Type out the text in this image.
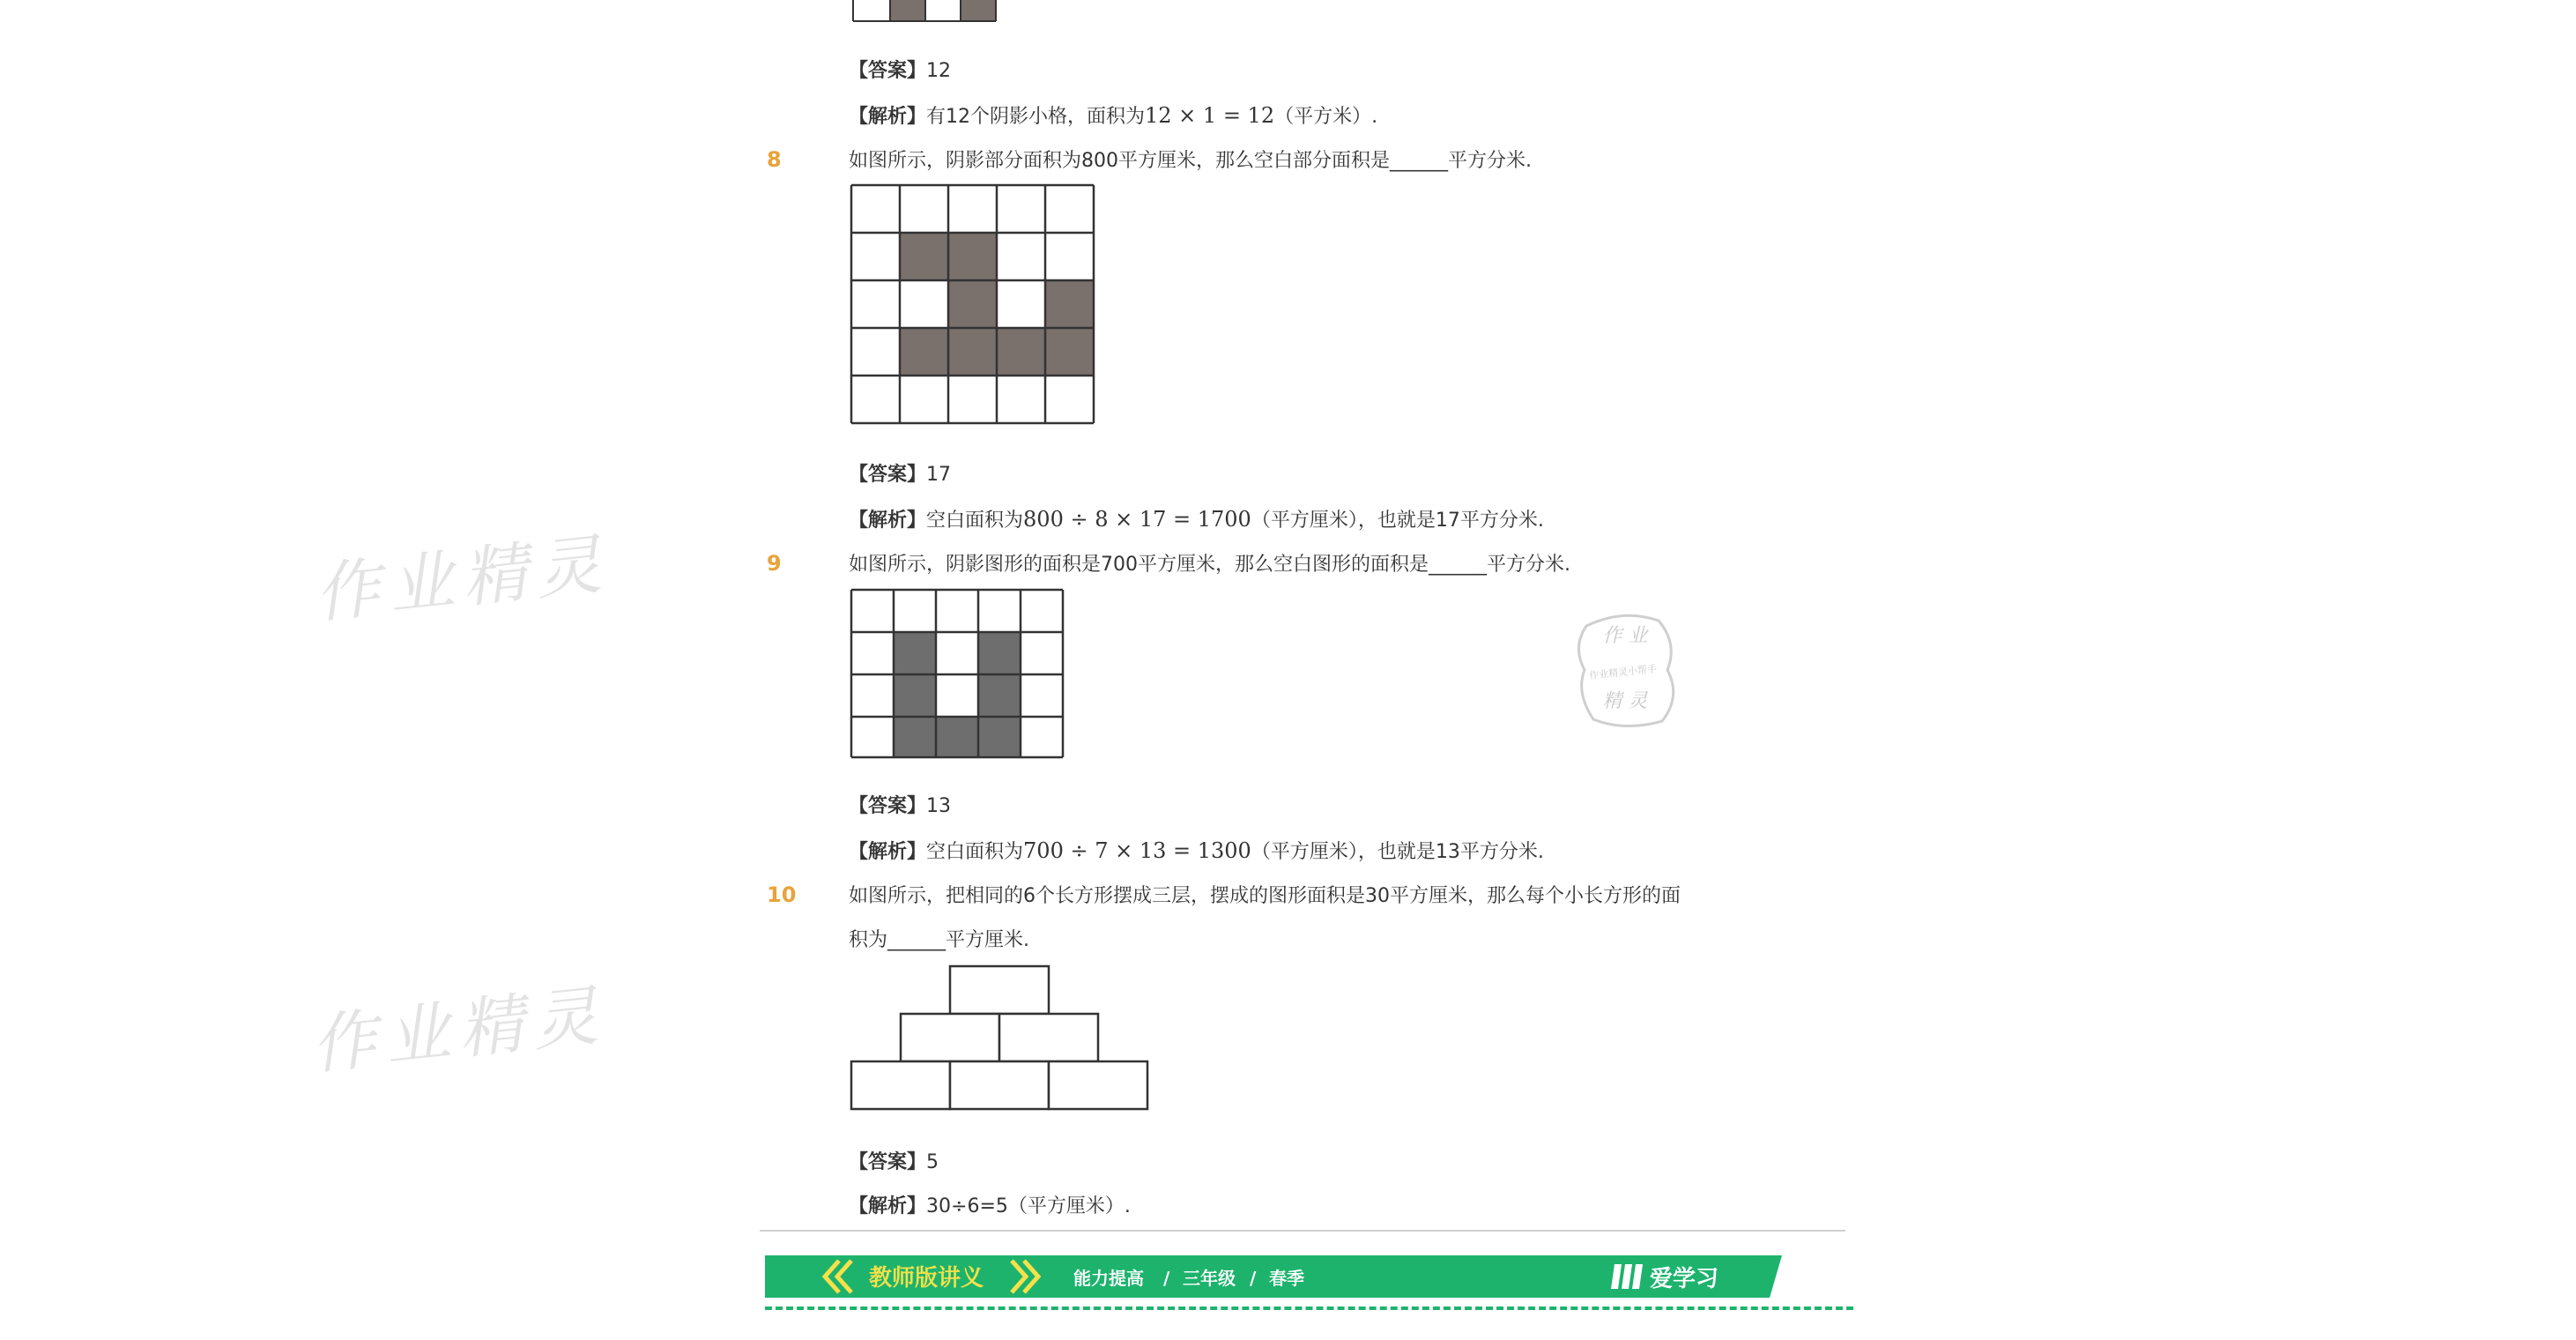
作业精灵
作业精灵
作 业
作业精灵小帮手
精 灵
【答案】12
【解析】有12个阴影小格，面积为12 × 1 = 12（平方米）.
8	如图所示，阴影部分面积为800平方厘米，那么空白部分面积是______平方分米.
【答案】17
【解析】空白面积为800 ÷ 8 × 17 = 1700（平方厘米），也就是17平方分米.
9	如图所示，阴影图形的面积是700平方厘米，那么空白图形的面积是______平方分米.
【答案】13
【解析】空白面积为700 ÷ 7 × 13 = 1300（平方厘米），也就是13平方分米.
10	如图所示，把相同的6个长方形摆成三层，摆成的图形面积是30平方厘米，那么每个小长方形的面
积为______平方厘米.
【答案】5
【解析】30÷6=5（平方厘米）.
教师版讲义	能力提高 / 三年级 / 春季	爱学习
